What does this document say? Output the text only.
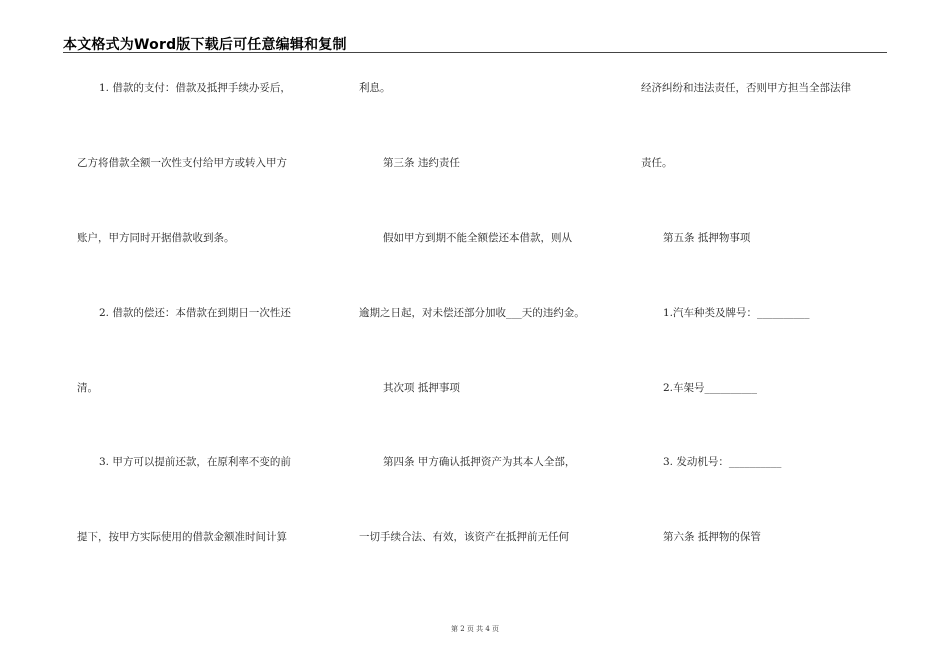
本文格式为Word版下载后可任意编辑和复制
1. 借款的支付：借款及抵押手续办妥后，
乙方将借款全额一次性支付给甲方或转入甲方
账户，甲方同时开据借款收到条。
2. 借款的偿还：本借款在到期日一次性还
清。
3. 甲方可以提前还款，在原利率不变的前
提下，按甲方实际使用的借款金额准时间计算
利息。
第三条 违约责任
假如甲方到期不能全额偿还本借款，则从
逾期之日起，对未偿还部分加收___天的违约金。
其次项 抵押事项
第四条 甲方确认抵押资产为其本人全部，
一切手续合法、有效，该资产在抵押前无任何
经济纠纷和违法责任，否则甲方担当全部法律
责任。
第五条 抵押物事项
1.汽车种类及牌号：__________
2.车架号__________
3. 发动机号：__________
第六条 抵押物的保管
第 2 页 共 4 页
